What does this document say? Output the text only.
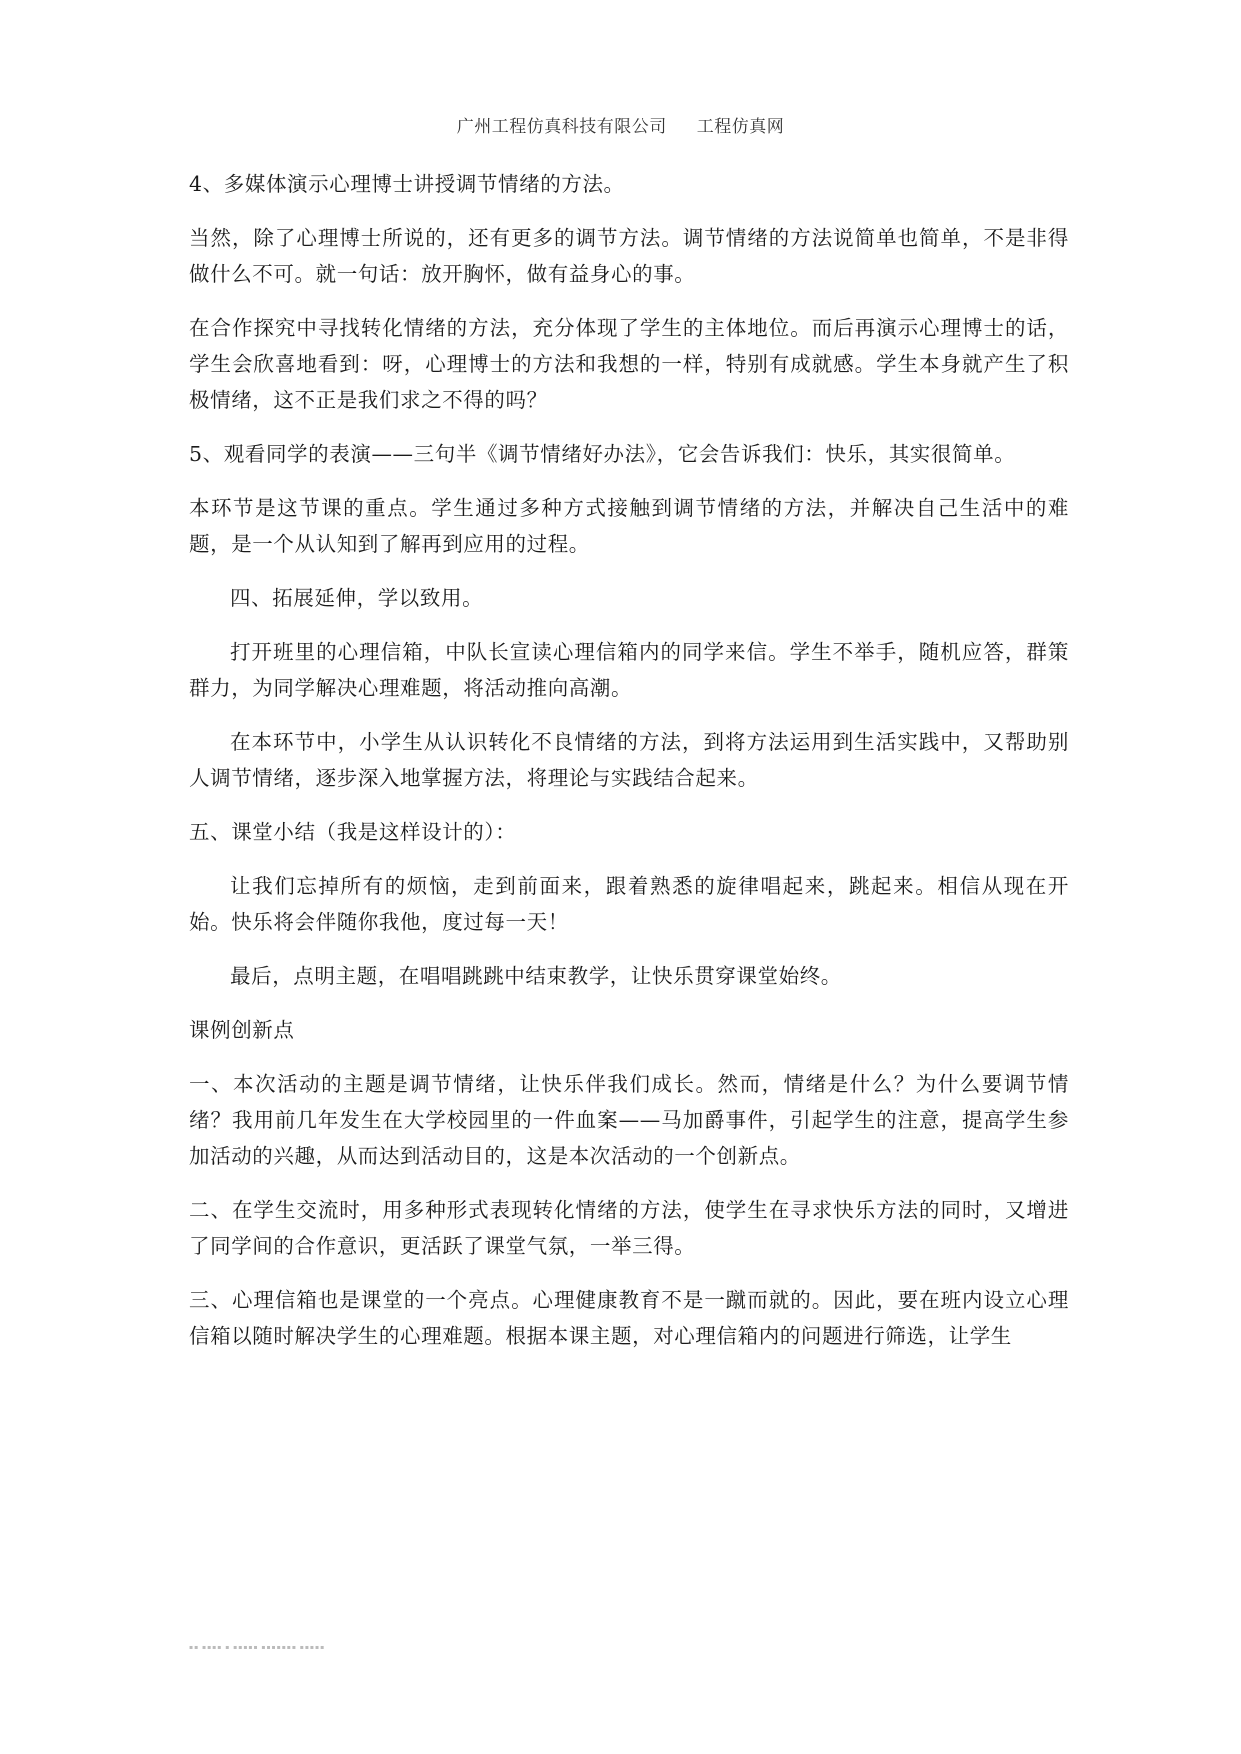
广州工程仿真科技有限公司 工程仿真网

4、多媒体演示心理博士讲授调节情绪的方法。

当然，除了心理博士所说的，还有更多的调节方法。调节情绪的方法说简单也简单，不是非得做什么不可。就一句话：放开胸怀，做有益身心的事。

在合作探究中寻找转化情绪的方法，充分体现了学生的主体地位。而后再演示心理博士的话，学生会欣喜地看到：呀，心理博士的方法和我想的一样，特别有成就感。学生本身就产生了积极情绪，这不正是我们求之不得的吗？

5、观看同学的表演——三句半《调节情绪好办法》，它会告诉我们：快乐，其实很简单。

本环节是这节课的重点。学生通过多种方式接触到调节情绪的方法，并解决自己生活中的难题，是一个从认知到了解再到应用的过程。

四、拓展延伸，学以致用。

打开班里的心理信箱，中队长宣读心理信箱内的同学来信。学生不举手，随机应答，群策群力，为同学解决心理难题，将活动推向高潮。

在本环节中，小学生从认识转化不良情绪的方法，到将方法运用到生活实践中，又帮助别人调节情绪，逐步深入地掌握方法，将理论与实践结合起来。

五、课堂小结（我是这样设计的）：

让我们忘掉所有的烦恼，走到前面来，跟着熟悉的旋律唱起来，跳起来。相信从现在开始。快乐将会伴随你我他，度过每一天！

最后，点明主题，在唱唱跳跳中结束教学，让快乐贯穿课堂始终。

课例创新点

一、本次活动的主题是调节情绪，让快乐伴我们成长。然而，情绪是什么？为什么要调节情绪？我用前几年发生在大学校园里的一件血案——马加爵事件，引起学生的注意，提高学生参加活动的兴趣，从而达到活动目的，这是本次活动的一个创新点。

二、在学生交流时，用多种形式表现转化情绪的方法，使学生在寻求快乐方法的同时，又增进了同学间的合作意识，更活跃了课堂气氛，一举三得。

三、心理信箱也是课堂的一个亮点。心理健康教育不是一蹴而就的。因此，要在班内设立心理信箱以随时解决学生的心理难题。根据本课主题，对心理信箱内的问题进行筛选，让学生

▪▪ ▪▪▪▪ ▪ ▪▪▪▪▪ ▪▪▪▪▪▪▪ ▪▪▪▪▪
